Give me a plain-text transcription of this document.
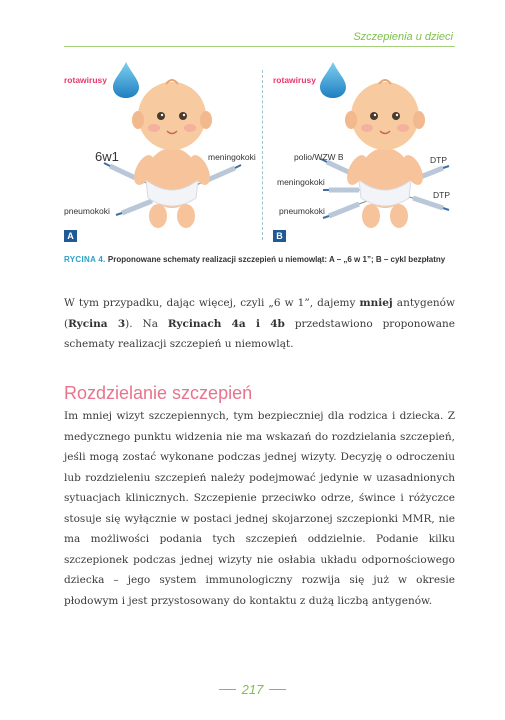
Szczepienia u dzieci

rotawirusy

6w1	meningokoki

pneumokoki

A

rotawirusy

polio/WZW B	DTP

meningokoki

DTP

pneumokoki

B

RYCINA 4. Proponowane schematy realizacji szczepień u niemowląt: A – „6 w 1”; B – cykl bezpłatny

W tym przypadku, dając więcej, czyli „6 w 1”, dajemy mniej antygenów (Rycina 3). Na Rycinach 4a i 4b przedstawiono proponowane schematy realizacji szczepień u niemowląt.

Rozdzielanie szczepień

Im mniej wizyt szczepiennych, tym bezpieczniej dla rodzica i dziecka. Z medycznego punktu widzenia nie ma wskazań do rozdzielania szczepień, jeśli mogą zostać wykonane podczas jednej wizyty. Decyzję o odroczeniu lub rozdzieleniu szczepień należy podejmować jedynie w uzasadnionych sytuacjach klinicznych. Szczepienie przeciwko odrze, śwince i różyczce stosuje się wyłącznie w postaci jednej skojarzonej szczepionki MMR, nie ma możliwości podania tych szczepień oddzielnie. Podanie kilku szczepionek podczas jednej wizyty nie osłabia układu odpornościowego dziecka – jego system immunologiczny rozwija się już w okresie płodowym i jest przystosowany do kontaktu z dużą liczbą antygenów.

217
